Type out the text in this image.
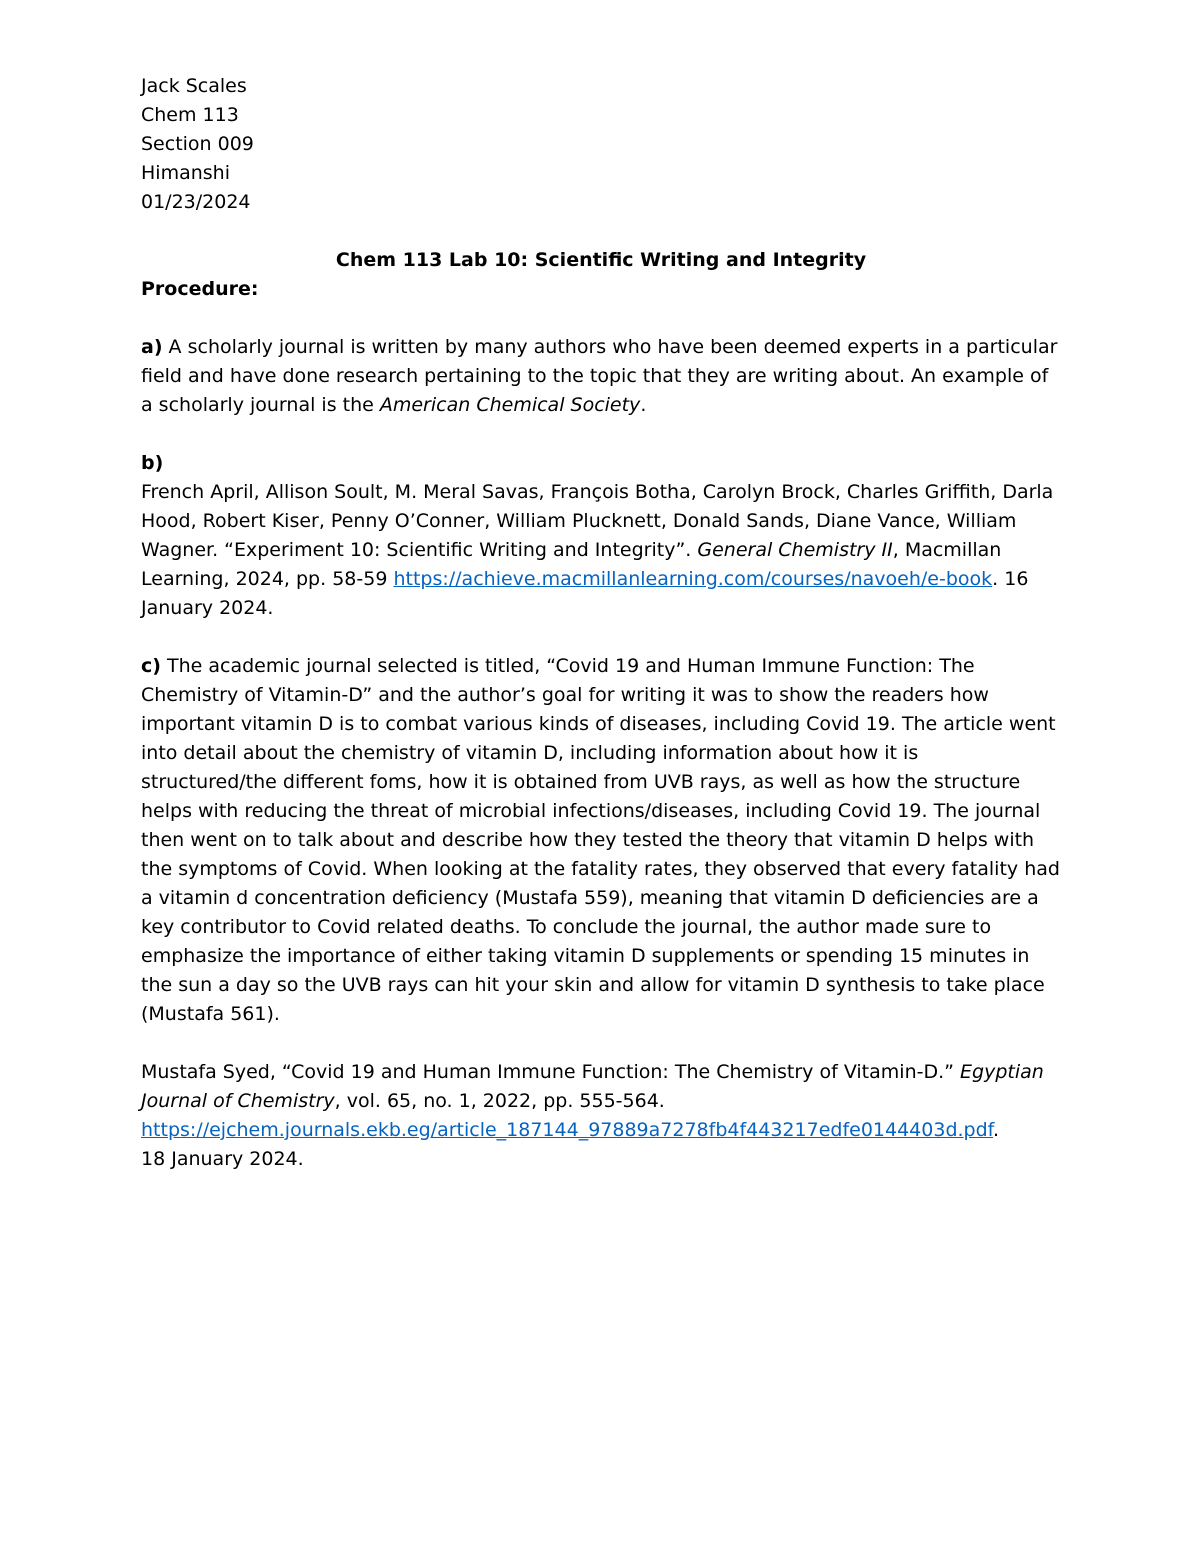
Jack Scales
Chem 113
Section 009
Himanshi
01/23/2024
Chem 113 Lab 10: Scientific Writing and Integrity
Procedure:
a) A scholarly journal is written by many authors who have been deemed experts in a particular
field and have done research pertaining to the topic that they are writing about. An example of
a scholarly journal is the American Chemical Society.
b)
French April, Allison Soult, M. Meral Savas, François Botha, Carolyn Brock, Charles Griffith, Darla
Hood, Robert Kiser, Penny O’Conner, William Plucknett, Donald Sands, Diane Vance, William
Wagner. “Experiment 10: Scientific Writing and Integrity”. General Chemistry II, Macmillan
Learning, 2024, pp. 58-59 https://achieve.macmillanlearning.com/courses/navoeh/e-book. 16
January 2024.
c) The academic journal selected is titled, “Covid 19 and Human Immune Function: The
Chemistry of Vitamin-D” and the author’s goal for writing it was to show the readers how
important vitamin D is to combat various kinds of diseases, including Covid 19. The article went
into detail about the chemistry of vitamin D, including information about how it is
structured/the different foms, how it is obtained from UVB rays, as well as how the structure
helps with reducing the threat of microbial infections/diseases, including Covid 19. The journal
then went on to talk about and describe how they tested the theory that vitamin D helps with
the symptoms of Covid. When looking at the fatality rates, they observed that every fatality had
a vitamin d concentration deficiency (Mustafa 559), meaning that vitamin D deficiencies are a
key contributor to Covid related deaths. To conclude the journal, the author made sure to
emphasize the importance of either taking vitamin D supplements or spending 15 minutes in
the sun a day so the UVB rays can hit your skin and allow for vitamin D synthesis to take place
(Mustafa 561).
Mustafa Syed, “Covid 19 and Human Immune Function: The Chemistry of Vitamin-D.” Egyptian
Journal of Chemistry, vol. 65, no. 1, 2022, pp. 555-564.
https://ejchem.journals.ekb.eg/article_187144_97889a7278fb4f443217edfe0144403d.pdf.
18 January 2024.
